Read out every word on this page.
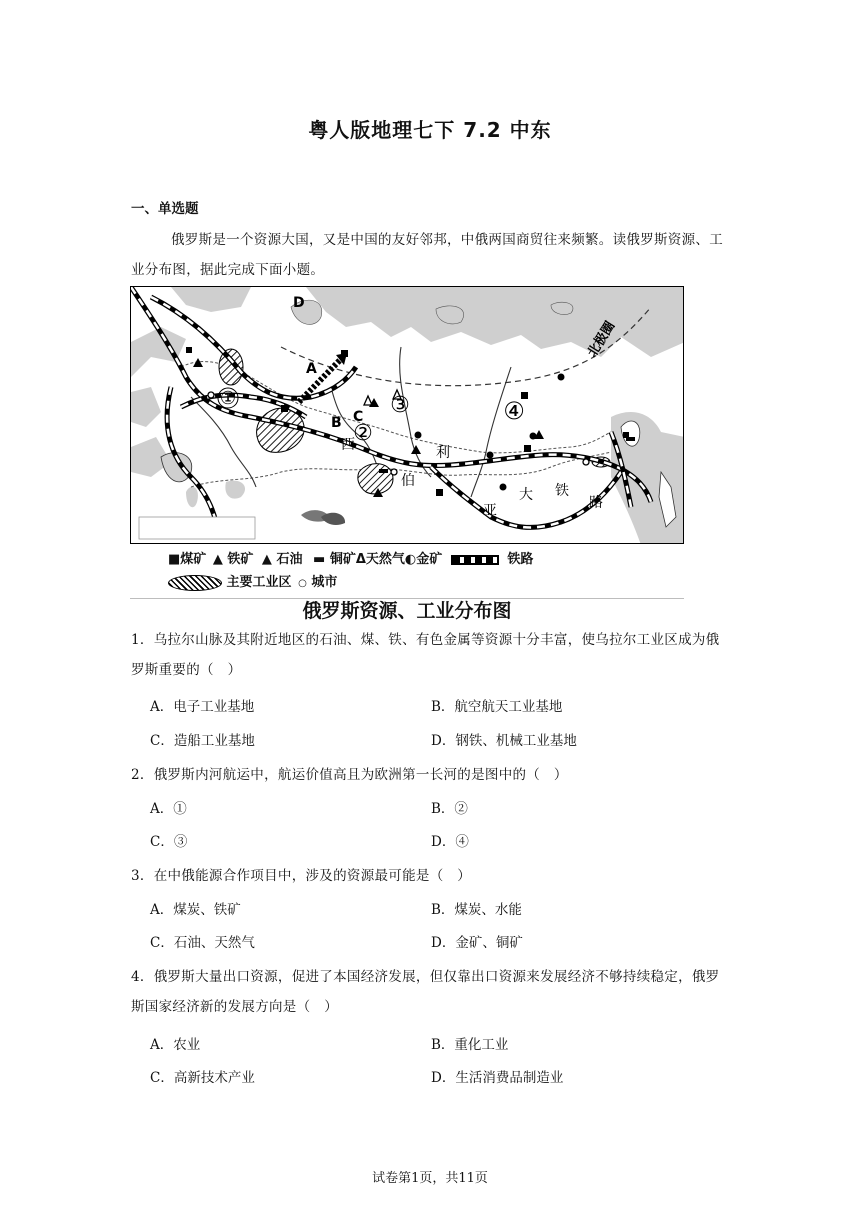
粤人版地理七下 7.2 中东
一、单选题
俄罗斯是一个资源大国，又是中国的友好邻邦，中俄两国商贸往来频繁。读俄罗斯资源、工业分布图，据此完成下面小题。
①
②
③	④
D
A
B C
北极圈
西	利
伯
亚
大 铁
路
■煤矿 ▲ 铁矿 ▲ 石油 ▬ 铜矿Δ天然气◐金矿	铁路
主要工业区 ○ 城市
俄罗斯资源、工业分布图
1．乌拉尔山脉及其附近地区的石油、煤、铁、有色金属等资源十分丰富，使乌拉尔工业区成为俄罗斯重要的（　）
A．电子工业基地	B．航空航天工业基地
C．造船工业基地	D．钢铁、机械工业基地
2．俄罗斯内河航运中，航运价值高且为欧洲第一长河的是图中的（　）
A．①	B．②
C．③	D．④
3．在中俄能源合作项目中，涉及的资源最可能是（　）
A．煤炭、铁矿	B．煤炭、水能
C．石油、天然气	D．金矿、铜矿
4．俄罗斯大量出口资源，促进了本国经济发展，但仅靠出口资源来发展经济不够持续稳定，俄罗斯国家经济新的发展方向是（　）
A．农业	B．重化工业
C．高新技术产业	D．生活消费品制造业
试卷第1页，共11页
